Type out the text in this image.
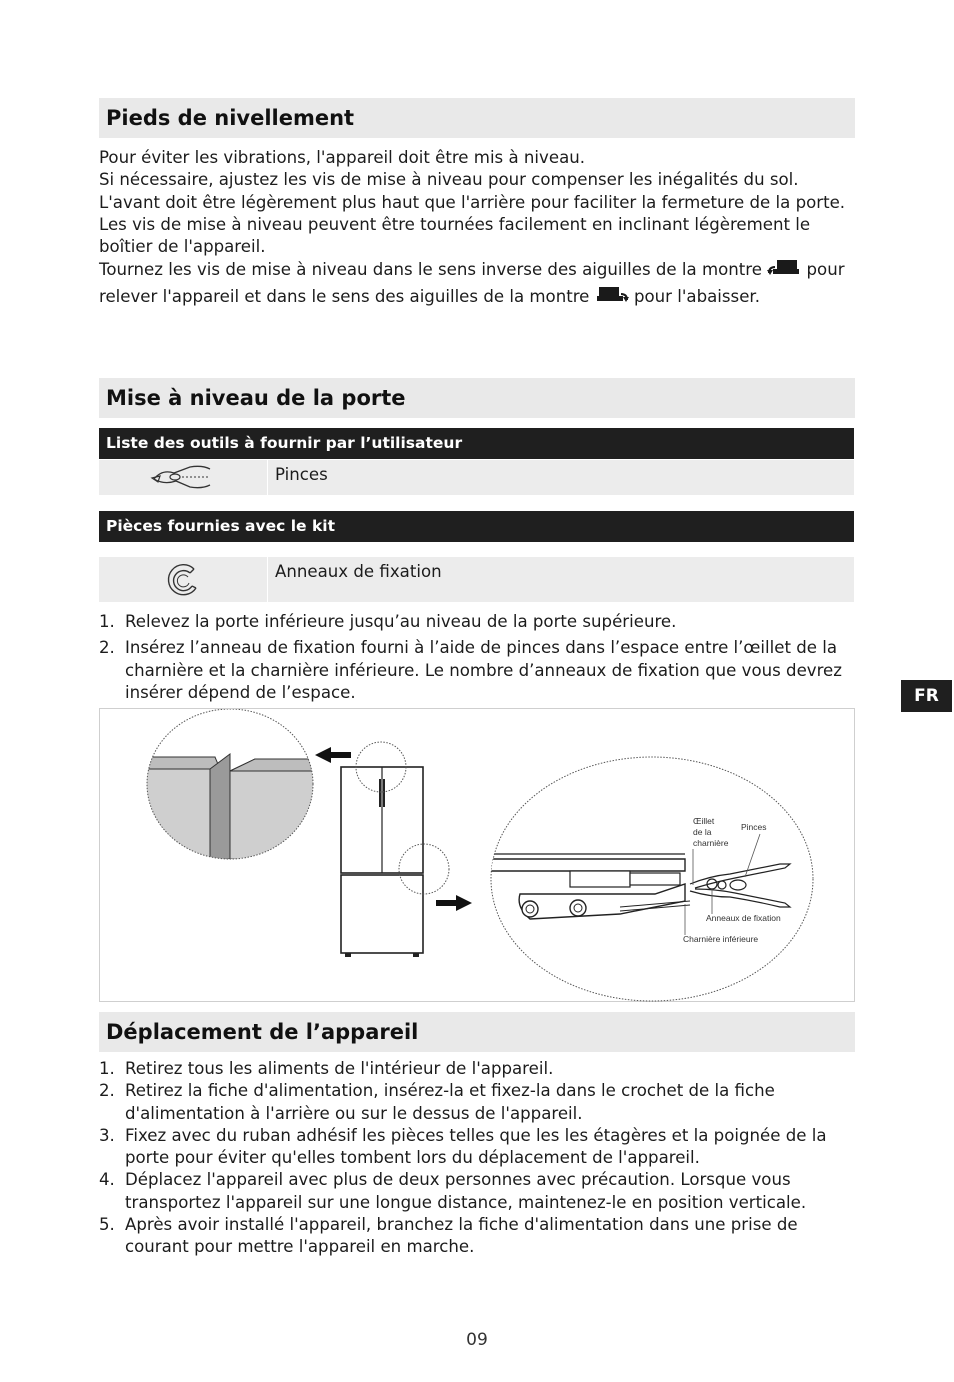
Pieds de nivellement

Pour éviter les vibrations, l'appareil doit être mis à niveau.

Si nécessaire, ajustez les vis de mise à niveau pour compenser les inégalités du sol.

L'avant doit être légèrement plus haut que l'arrière pour faciliter la fermeture de la porte.

Les vis de mise à niveau peuvent être tournées facilement en inclinant légèrement le boîtier de l'appareil.

Tournez les vis de mise à niveau dans le sens inverse des aiguilles de la montre  pour relever l'appareil et dans le sens des aiguilles de la montre  pour l'abaisser.

Mise à niveau de la porte
Liste des outils à fournir par l’utilisateur
Pinces
Pièces fournies avec le kit
Anneaux de fixation
1. Relevez la porte inférieure jusqu’au niveau de la porte supérieure.
2. Insérez l’anneau de fixation fourni à l’aide de pinces dans l’espace entre l’œillet de la charnière et la charnière inférieure. Le nombre d’anneaux de fixation que vous devrez insérer dépend de l’espace.
Œillet
de la
charnière
Pinces
Anneaux de fixation
Charnière inférieure
Déplacement de l’appareil
1. Retirez tous les aliments de l'intérieur de l'appareil.
2. Retirez la fiche d'alimentation, insérez-la et fixez-la dans le crochet de la fiche d'alimentation à l'arrière ou sur le dessus de l'appareil.
3. Fixez avec du ruban adhésif les pièces telles que les les étagères et la poignée de la porte pour éviter qu'elles tombent lors du déplacement de l'appareil.
4. Déplacez l'appareil avec plus de deux personnes avec précaution. Lorsque vous transportez l'appareil sur une longue distance, maintenez-le en position verticale.
5. Après avoir installé l'appareil, branchez la fiche d'alimentation dans une prise de courant pour mettre l'appareil en marche.
FR
09
